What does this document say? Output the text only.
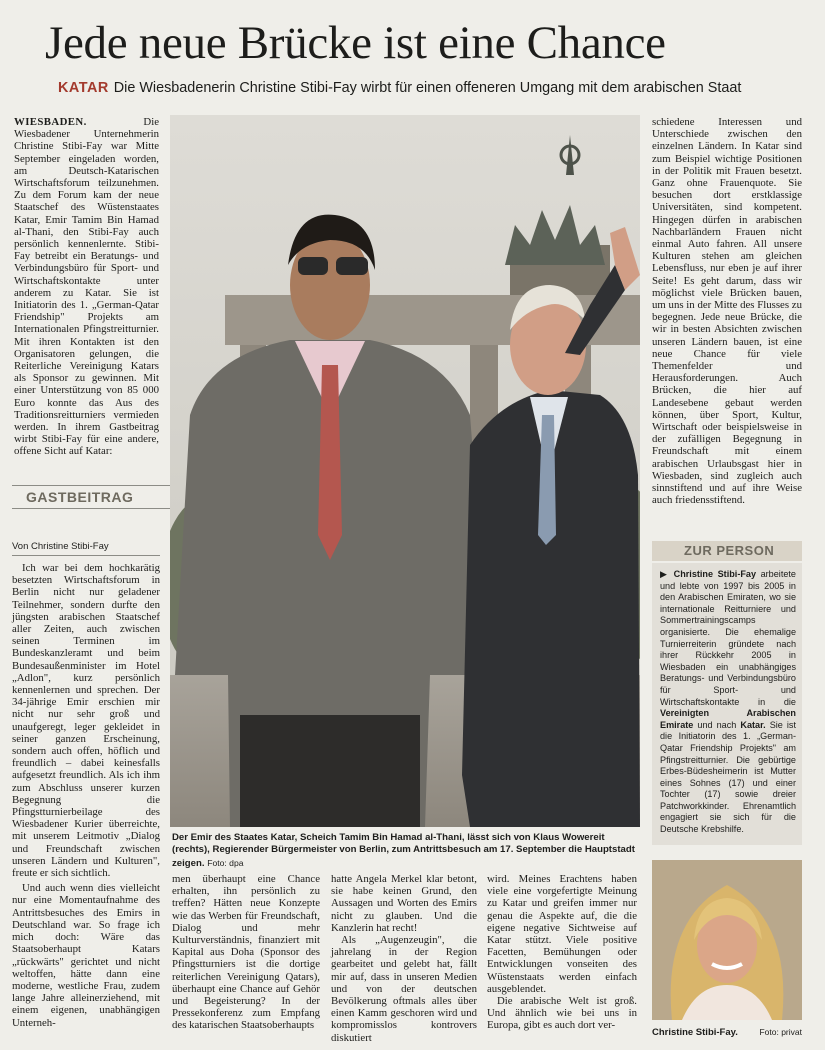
Jede neue Brücke ist eine Chance
KATAR Die Wiesbadenerin Christine Stibi-Fay wirbt für einen offeneren Umgang mit dem arabischen Staat

WIESBADEN. Die Wiesbadener Unternehmerin Christine Stibi-Fay war Mitte September eingeladen worden, am Deutsch-Katarischen Wirtschaftsforum teilzunehmen. Zu dem Forum kam der neue Staatschef des Wüstenstaates Katar, Emir Tamim Bin Hamad al-Thani, den Stibi-Fay auch persönlich kennenlernte. Stibi-Fay betreibt ein Beratungs- und Verbindungsbüro für Sport- und Wirtschaftskontakte unter anderem zu Katar. Sie ist Initiatorin des 1. „German-Qatar Friendship" Projekts am Internationalen Pfingstreitturnier. Mit ihren Kontakten ist den Organisatoren gelungen, die Reiterliche Vereinigung Katars als Sponsor zu gewinnen. Mit einer Unterstützung von 85 000 Euro konnte das Aus des Traditionsreitturniers vermieden werden. In ihrem Gastbeitrag wirbt Stibi-Fay für eine andere, offene Sicht auf Katar:

GASTBEITRAG
Von Christine Stibi-Fay

Ich war bei dem hochkarätig besetzten Wirtschaftsforum in Berlin nicht nur geladener Teilnehmer, sondern durfte den jüngsten arabischen Staatschef aller Zeiten, auch zwischen seinen Terminen im Bundeskanzleramt und beim Bundesaußenminister im Hotel „Adlon", kurz persönlich kennenlernen und sprechen. Der 34-jährige Emir erschien mir nicht nur sehr groß und unaufgeregt, leger gekleidet in seiner ganzen Erscheinung, sondern auch offen, höflich und freundlich – dabei keinesfalls aufgesetzt freundlich. Als ich ihm zum Abschluss unserer kurzen Begegnung die Pfingstturnierbeilage des Wiesbadener Kurier überreichte, mit unserem Leitmotiv „Dialog und Freundschaft zwischen unseren Ländern und Kulturen", freute er sich sichtlich.

Und auch wenn dies vielleicht nur eine Momentaufnahme des Antrittsbesuches des Emirs in Deutschland war. So frage ich mich doch: Wäre das Staatsoberhaupt Katars „rückwärts" gerichtet und nicht weltoffen, hätte dann eine moderne, westliche Frau, zudem lange Jahre alleinerziehend, mit einem eigenen, unabhängigen Unterneh-

Der Emir des Staates Katar, Scheich Tamim Bin Hamad al-Thani, lässt sich von Klaus Wowereit (rechts), Regierender Bürgermeister von Berlin, zum Antrittsbesuch am 17. September die Hauptstadt zeigen. Foto: dpa

men überhaupt eine Chance erhalten, ihn persönlich zu treffen? Hätten neue Konzepte wie das Werben für Freundschaft, Dialog und mehr Kulturverständnis, finanziert mit Kapital aus Doha (Sponsor des Pfingstturniers ist die dortige reiterlichen Vereinigung Qatars), überhaupt eine Chance auf Gehör und Begeisterung? In der Pressekonferenz zum Empfang des katarischen Staatsoberhaupts

hatte Angela Merkel klar betont, sie habe keinen Grund, den Aussagen und Worten des Emirs nicht zu glauben. Und die Kanzlerin hat recht!

Als „Augenzeugin", die jahrelang in der Region gearbeitet und gelebt hat, fällt mir auf, dass in unseren Medien und von der deutschen Bevölkerung oftmals alles über einen Kamm geschoren wird und kompromisslos kontrovers diskutiert

wird. Meines Erachtens haben viele eine vorgefertigte Meinung zu Katar und greifen immer nur genau die Aspekte auf, die die eigene negative Sichtweise auf Katar stützt. Viele positive Facetten, Bemühungen oder Entwicklungen vonseiten des Wüstenstaats werden einfach ausgeblendet.

Die arabische Welt ist groß. Und ähnlich wie bei uns in Europa, gibt es auch dort ver-

schiedene Interessen und Unterschiede zwischen den einzelnen Ländern. In Katar sind zum Beispiel wichtige Positionen in der Politik mit Frauen besetzt. Ganz ohne Frauenquote. Sie besuchen dort erstklassige Universitäten, sind kompetent. Hingegen dürfen in arabischen Nachbarländern Frauen nicht einmal Auto fahren. All unsere Kulturen stehen am gleichen Lebensfluss, nur eben je auf ihrer Seite! Es geht darum, dass wir möglichst viele Brücken bauen, um uns in der Mitte des Flusses zu begegnen. Jede neue Brücke, die wir in besten Absichten zwischen unseren Ländern bauen, ist eine neue Chance für viele Themenfelder und Herausforderungen. Auch Brücken, die hier auf Landesebene gebaut werden können, über Sport, Kultur, Wirtschaft oder beispielsweise in der zufälligen Begegnung in Freundschaft mit einem arabischen Urlaubsgast hier in Wiesbaden, sind zugleich auch sinnstiftend und auf ihre Weise auch friedensstiftend.

ZUR PERSON
▶ Christine Stibi-Fay arbeitete und lebte von 1997 bis 2005 in den Arabischen Emiraten, wo sie internationale Reitturniere und Sommertrainingscamps organisierte. Die ehemalige Turnierreiterin gründete nach ihrer Rückkehr 2005 in Wiesbaden ein unabhängiges Beratungs- und Verbindungsbüro für Sport- und Wirtschaftskontakte in die Vereinigten Arabischen Emirate und nach Katar. Sie ist die Initiatorin des 1. „German-Qatar Friendship Projekts" am Pfingstreitturnier. Die gebürtige Erbes-Büdesheimerin ist Mutter eines Sohnes (17) und einer Tochter (17) sowie dreier Patchworkkinder. Ehrenamtlich engagiert sie sich für die Deutsche Krebshilfe.
Christine Stibi-Fay.	Foto: privat
